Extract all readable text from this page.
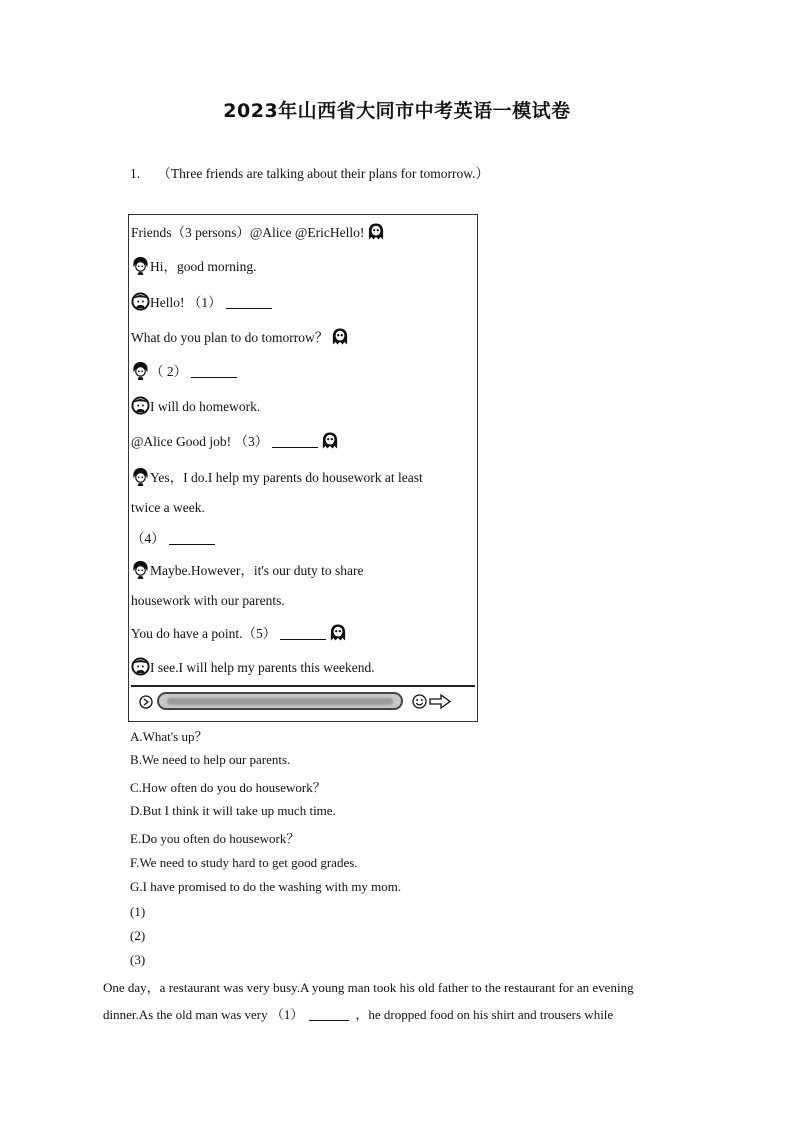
2023年山西省大同市中考英语一模试卷
1. （Three friends are talking about their plans for tomorrow.）
Friends（3 persons）@Alice @EricHello!
Hi，good morning.
Hello! （1）
What do you plan to do tomorrow？
（ 2）
I will do homework.
@Alice Good job! （3）
Yes，I do.I help my parents do housework at least
twice a week.
（4）
Maybe.However，it's our duty to share
housework with our parents.
You do have a point.（5）
I see.I will help my parents this weekend.
A.What's up？
B.We need to help our parents.
C.How often do you do housework？
D.But I think it will take up much time.
E.Do you often do housework？
F.We need to study hard to get good grades.
G.I have promised to do the washing with my mom.
(1)
(2)
(3)
One day，a restaurant was very busy.A young man took his old father to the restaurant for an evening
dinner.As the old man was very （1）	，he dropped food on his shirt and trousers while
